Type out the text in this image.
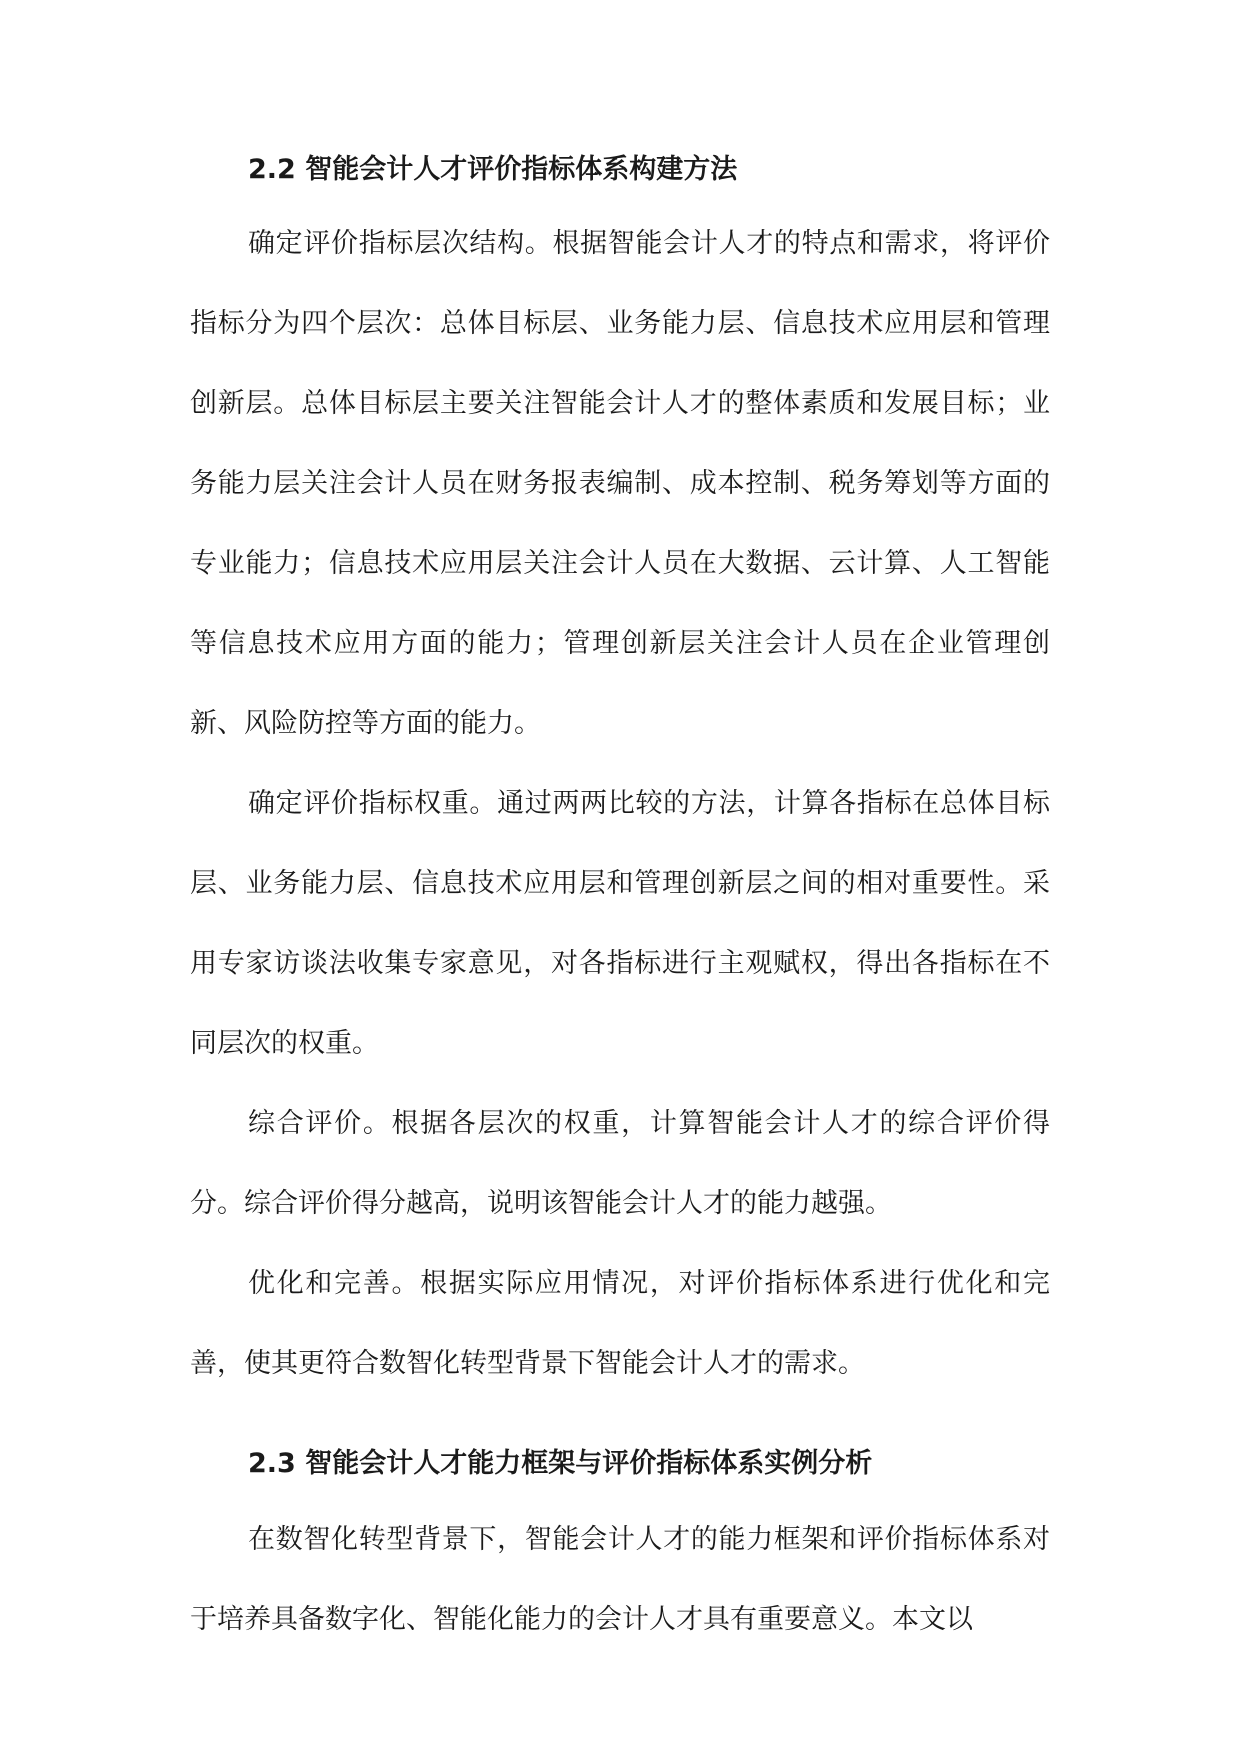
2.2 智能会计人才评价指标体系构建方法

确定评价指标层次结构。根据智能会计人才的特点和需求，将评价指标分为四个层次：总体目标层、业务能力层、信息技术应用层和管理创新层。总体目标层主要关注智能会计人才的整体素质和发展目标；业务能力层关注会计人员在财务报表编制、成本控制、税务筹划等方面的专业能力；信息技术应用层关注会计人员在大数据、云计算、人工智能等信息技术应用方面的能力；管理创新层关注会计人员在企业管理创新、风险防控等方面的能力。

确定评价指标权重。通过两两比较的方法，计算各指标在总体目标层、业务能力层、信息技术应用层和管理创新层之间的相对重要性。采用专家访谈法收集专家意见，对各指标进行主观赋权，得出各指标在不同层次的权重。

综合评价。根据各层次的权重，计算智能会计人才的综合评价得分。综合评价得分越高，说明该智能会计人才的能力越强。

优化和完善。根据实际应用情况，对评价指标体系进行优化和完善，使其更符合数智化转型背景下智能会计人才的需求。

2.3 智能会计人才能力框架与评价指标体系实例分析

在数智化转型背景下，智能会计人才的能力框架和评价指标体系对于培养具备数字化、智能化能力的会计人才具有重要意义。本文以
